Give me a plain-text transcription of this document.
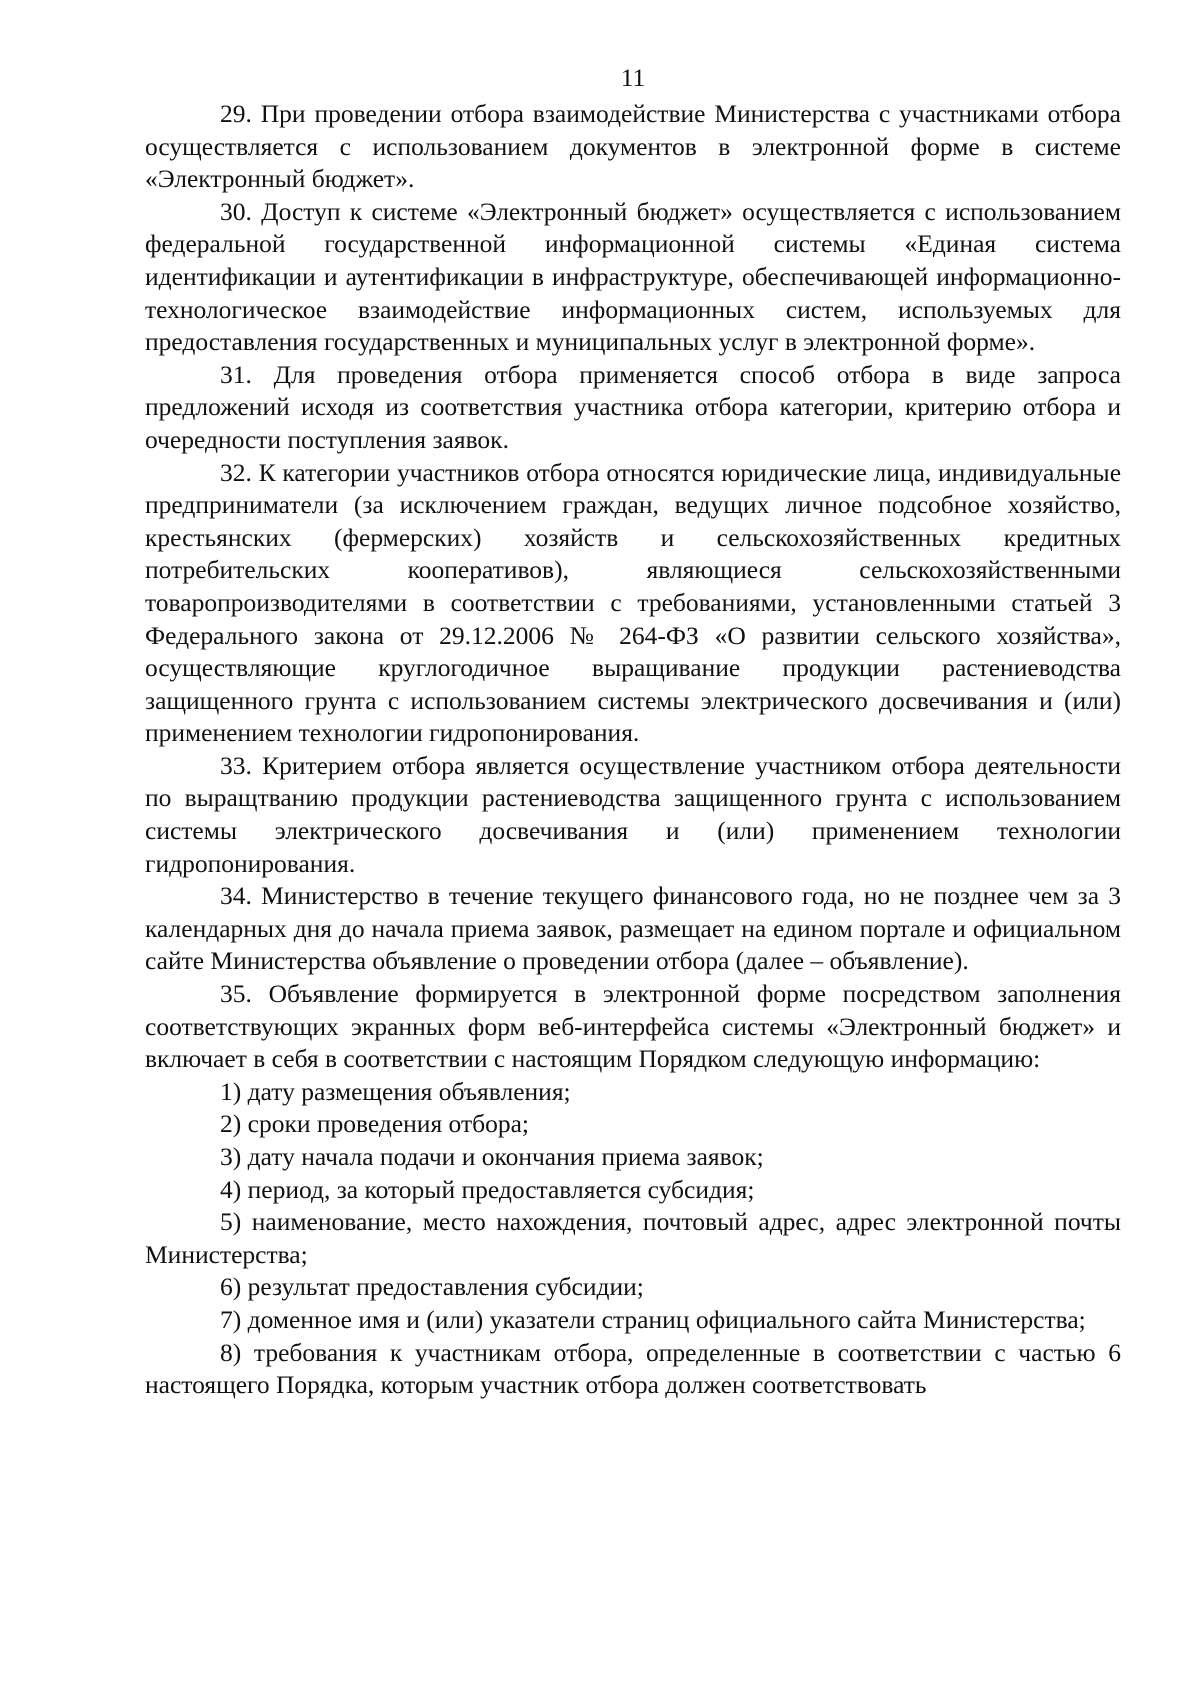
11

29. При проведении отбора взаимодействие Министерства с участниками отбора осуществляется с использованием документов в электронной форме в системе «Электронный бюджет».

30. Доступ к системе «Электронный бюджет» осуществляется с использованием федеральной государственной информационной системы «Единая система идентификации и аутентификации в инфраструктуре, обеспечивающей информационно-технологическое взаимодействие информационных систем, используемых для предоставления государственных и муниципальных услуг в электронной форме».

31. Для проведения отбора применяется способ отбора в виде запроса предложений исходя из соответствия участника отбора категории, критерию отбора и очередности поступления заявок.

32. К категории участников отбора относятся юридические лица, индивидуальные предприниматели (за исключением граждан, ведущих личное подсобное хозяйство, крестьянских (фермерских) хозяйств и сельскохозяйственных кредитных потребительских кооперативов), являющиеся сельскохозяйственными товаропроизводителями в соответствии с требованиями, установленными статьей 3 Федерального закона от 29.12.2006 № 264-ФЗ «О развитии сельского хозяйства», осуществляющие круглогодичное выращивание продукции растениеводства защищенного грунта с использованием системы электрического досвечивания и (или) применением технологии гидропонирования.

33. Критерием отбора является осуществление участником отбора деятельности по выращтванию продукции растениеводства защищенного грунта с использованием системы электрического досвечивания и (или) применением технологии гидропонирования.

34. Министерство в течение текущего финансового года, но не позднее чем за 3 календарных дня до начала приема заявок, размещает на едином портале и официальном сайте Министерства объявление о проведении отбора (далее – объявление).

35. Объявление формируется в электронной форме посредством заполнения соответствующих экранных форм веб-интерфейса системы «Электронный бюджет» и включает в себя в соответствии с настоящим Порядком следующую информацию:

1) дату размещения объявления;

2) сроки проведения отбора;

3) дату начала подачи и окончания приема заявок;

4) период, за который предоставляется субсидия;

5) наименование, место нахождения, почтовый адрес, адрес электронной почты Министерства;

6) результат предоставления субсидии;

7) доменное имя и (или) указатели страниц официального сайта Министерства;

8) требования к участникам отбора, определенные в соответствии с частью 6 настоящего Порядка, которым участник отбора должен соответствовать
